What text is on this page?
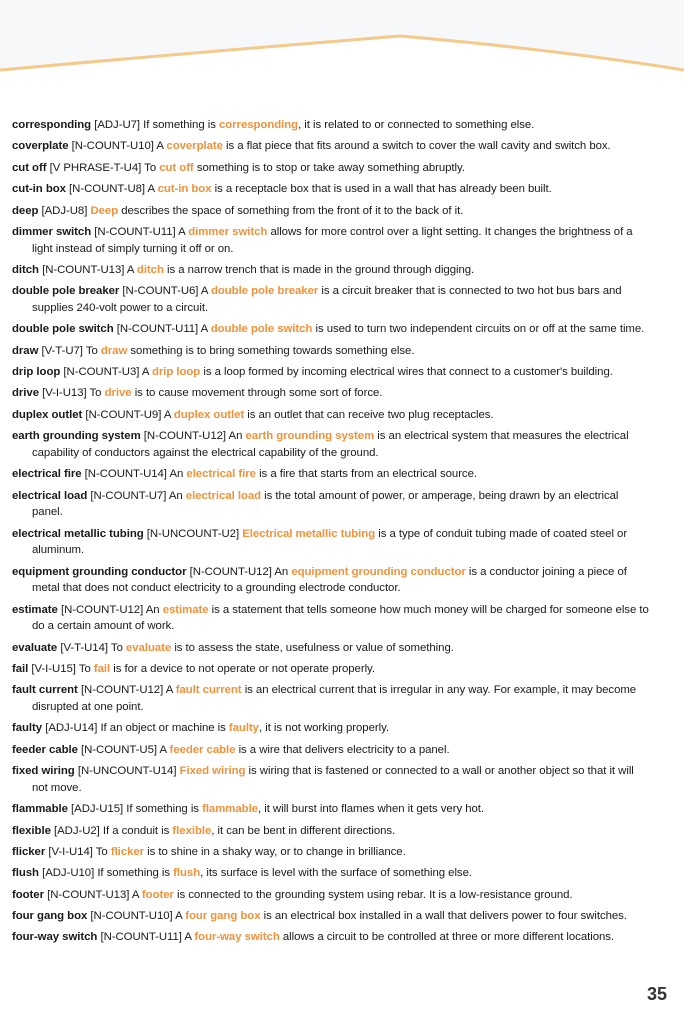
corresponding [ADJ-U7] If something is corresponding, it is related to or connected to something else.

coverplate [N-COUNT-U10] A coverplate is a flat piece that fits around a switch to cover the wall cavity and switch box.

cut off [V PHRASE-T-U4] To cut off something is to stop or take away something abruptly.

cut-in box [N-COUNT-U8] A cut-in box is a receptacle box that is used in a wall that has already been built.

deep [ADJ-U8] Deep describes the space of something from the front of it to the back of it.

dimmer switch [N-COUNT-U11] A dimmer switch allows for more control over a light setting. It changes the brightness of a light instead of simply turning it off or on.

ditch [N-COUNT-U13] A ditch is a narrow trench that is made in the ground through digging.

double pole breaker [N-COUNT-U6] A double pole breaker is a circuit breaker that is connected to two hot bus bars and supplies 240-volt power to a circuit.

double pole switch [N-COUNT-U11] A double pole switch is used to turn two independent circuits on or off at the same time.

draw [V-T-U7] To draw something is to bring something towards something else.

drip loop [N-COUNT-U3] A drip loop is a loop formed by incoming electrical wires that connect to a customer's building.

drive [V-I-U13] To drive is to cause movement through some sort of force.

duplex outlet [N-COUNT-U9] A duplex outlet is an outlet that can receive two plug receptacles.

earth grounding system [N-COUNT-U12] An earth grounding system is an electrical system that measures the electrical capability of conductors against the electrical capability of the ground.

electrical fire [N-COUNT-U14] An electrical fire is a fire that starts from an electrical source.

electrical load [N-COUNT-U7] An electrical load is the total amount of power, or amperage, being drawn by an electrical panel.

electrical metallic tubing [N-UNCOUNT-U2] Electrical metallic tubing is a type of conduit tubing made of coated steel or aluminum.

equipment grounding conductor [N-COUNT-U12] An equipment grounding conductor is a conductor joining a piece of metal that does not conduct electricity to a grounding electrode conductor.

estimate [N-COUNT-U12] An estimate is a statement that tells someone how much money will be charged for someone else to do a certain amount of work.

evaluate [V-T-U14] To evaluate is to assess the state, usefulness or value of something.

fail [V-I-U15] To fail is for a device to not operate or not operate properly.

fault current [N-COUNT-U12] A fault current is an electrical current that is irregular in any way. For example, it may become disrupted at one point.

faulty [ADJ-U14] If an object or machine is faulty, it is not working properly.

feeder cable [N-COUNT-U5] A feeder cable is a wire that delivers electricity to a panel.

fixed wiring [N-UNCOUNT-U14] Fixed wiring is wiring that is fastened or connected to a wall or another object so that it will not move.

flammable [ADJ-U15] If something is flammable, it will burst into flames when it gets very hot.

flexible [ADJ-U2] If a conduit is flexible, it can be bent in different directions.

flicker [V-I-U14] To flicker is to shine in a shaky way, or to change in brilliance.

flush [ADJ-U10] If something is flush, its surface is level with the surface of something else.

footer [N-COUNT-U13] A footer is connected to the grounding system using rebar. It is a low-resistance ground.

four gang box [N-COUNT-U10] A four gang box is an electrical box installed in a wall that delivers power to four switches.

four-way switch [N-COUNT-U11] A four-way switch allows a circuit to be controlled at three or more different locations.

35
